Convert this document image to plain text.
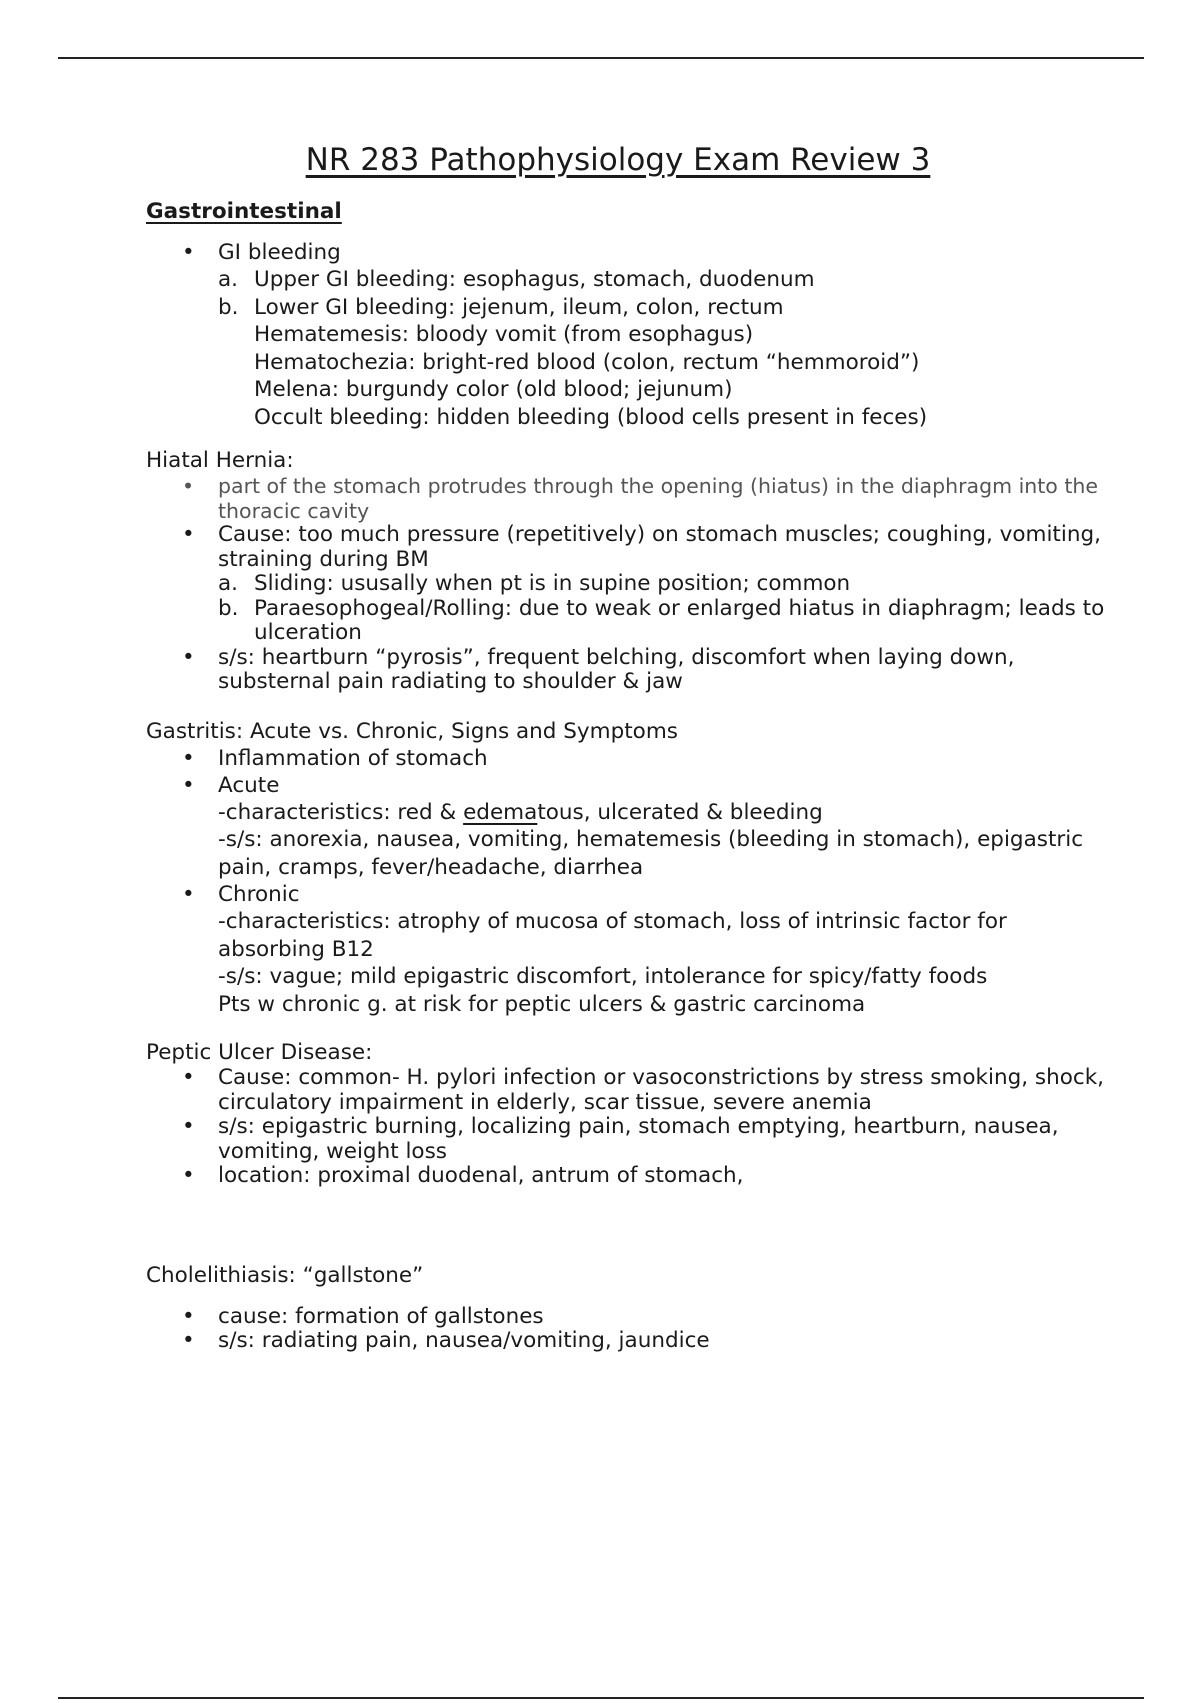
NR 283 Pathophysiology Exam Review 3
Gastrointestinal
• GI bleeding
a. Upper GI bleeding: esophagus, stomach, duodenum
b. Lower GI bleeding: jejenum, ileum, colon, rectum
Hematemesis: bloody vomit (from esophagus)
Hematochezia: bright-red blood (colon, rectum “hemmoroid”)
Melena: burgundy color (old blood; jejunum)
Occult bleeding: hidden bleeding (blood cells present in feces)
Hiatal Hernia:
• part of the stomach protrudes through the opening (hiatus) in the diaphragm into the thoracic cavity
• Cause: too much pressure (repetitively) on stomach muscles; coughing, vomiting, straining during BM
a. Sliding: ususally when pt is in supine position; common
b. Paraesophogeal/Rolling: due to weak or enlarged hiatus in diaphragm; leads to ulceration
• s/s: heartburn “pyrosis”, frequent belching, discomfort when laying down, substernal pain radiating to shoulder & jaw
Gastritis: Acute vs. Chronic, Signs and Symptoms
• Inflammation of stomach
• Acute
-characteristics: red & edematous, ulcerated & bleeding
-s/s: anorexia, nausea, vomiting, hematemesis (bleeding in stomach), epigastric pain, cramps, fever/headache, diarrhea
• Chronic
-characteristics: atrophy of mucosa of stomach, loss of intrinsic factor for absorbing B12
-s/s: vague; mild epigastric discomfort, intolerance for spicy/fatty foods
Pts w chronic g. at risk for peptic ulcers & gastric carcinoma
Peptic Ulcer Disease:
• Cause: common- H. pylori infection or vasoconstrictions by stress smoking, shock, circulatory impairment in elderly, scar tissue, severe anemia
• s/s: epigastric burning, localizing pain, stomach emptying, heartburn, nausea, vomiting, weight loss
• location: proximal duodenal, antrum of stomach,
Cholelithiasis: “gallstone”
• cause: formation of gallstones
• s/s: radiating pain, nausea/vomiting, jaundice
